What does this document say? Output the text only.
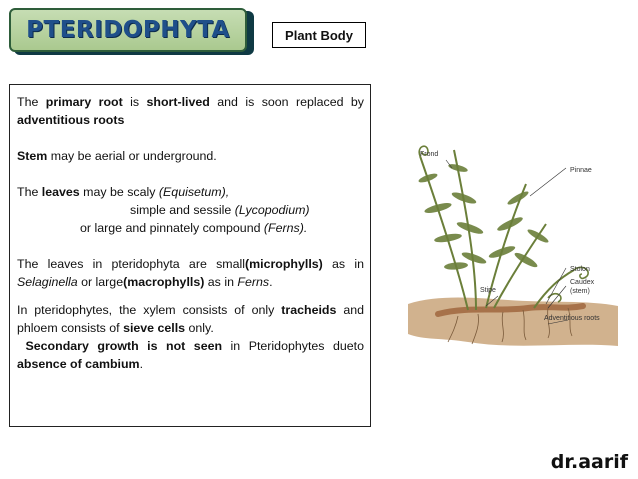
PTERIDOPHYTA	Plant Body

The primary root is short-lived and is soon replaced by adventitious roots

Stem may be aerial or underground.

The leaves may be scaly (Equisetum),

simple and sessile (Lycopodium)

or large and pinnately compound (Ferns).

The leaves in pteridophyta are small(microphylls) as in Selaginella or large(macrophylls) as in Ferns.

In pteridophytes, the xylem consists of only tracheids and phloem consists of sieve cells only.

Secondary growth is not seen in Pteridophytes dueto absence of cambium.

Frond
Pinnae
Stolon
Stipe
Caudex
(stem)
Adventitious roots
dr.aarif
